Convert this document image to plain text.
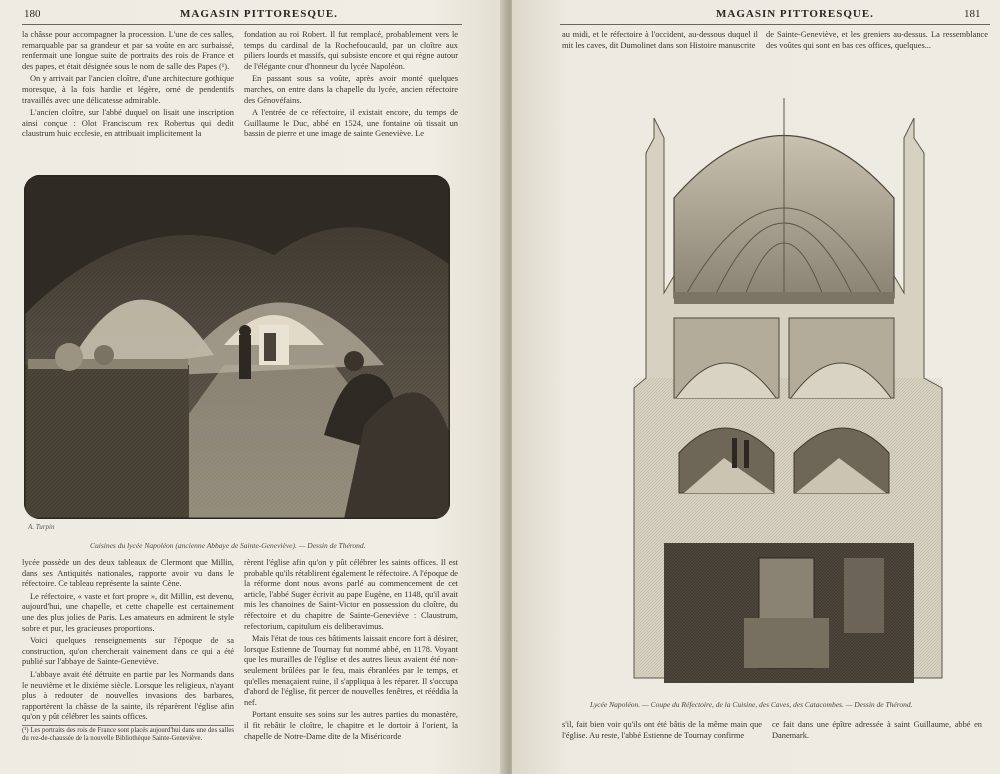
180	MAGASIN PITTORESQUE.

la châsse pour accompagner la procession. L'une de ces salles, remarquable par sa grandeur et par sa voûte en arc surbaissé, renfermait une longue suite de portraits des rois de France et des papes, et était désignée sous le nom de salle des Papes (¹).

On y arrivait par l'ancien cloître, d'une architecture gothique moresque, à la fois hardie et légère, orné de pendentifs travaillés avec une délicatesse admirable.

L'ancien cloître, sur l'abbé duquel on lisait une inscription ainsi conçue : Olot Franciscum rex Robertus qui dedit claustrum huic ecclesie, en attribuait implicitement la

fondation au roi Robert. Il fut remplacé, probablement vers le temps du cardinal de la Rochefoucauld, par un cloître aux piliers lourds et massifs, qui subsiste encore et qui règne autour de l'élégante cour d'honneur du lycée Napoléon.

En passant sous sa voûte, après avoir monté quelques marches, on entre dans la chapelle du lycée, ancien réfectoire des Génovéfains.

A l'entrée de ce réfectoire, il existait encore, du temps de Guillaume le Duc, abbé en 1524, une fontaine où tissait un bassin de pierre et une image de sainte Geneviève. Le

A. Turpin
Cuisines du lycée Napoléon (ancienne Abbaye de Sainte-Geneviève). — Dessin de Thérond.

lycée possède un des deux tableaux de Clermont que Millin, dans ses Antiquités nationales, rapporte avoir vu dans le réfectoire. Ce tableau représente la sainte Cène.

Le réfectoire, « vaste et fort propre », dit Millin, est devenu, aujourd'hui, une chapelle, et cette chapelle est certainement une des plus jolies de Paris. Les amateurs en admirent le style sobre et pur, les gracieuses proportions.

Voici quelques renseignements sur l'époque de sa construction, qu'on chercherait vainement dans ce qui a été publié sur l'abbaye de Sainte-Geneviève.

L'abbaye avait été détruite en partie par les Normands dans le neuvième et le dixième siècle. Lorsque les religieux, n'ayant plus à redouter de nouvelles invasions des barbares, rapportèrent la châsse de la sainte, ils réparèrent l'église afin qu'on y pût célébrer les saints offices.

(¹) Les portraits des rois de France sont placés aujourd'hui dans une des salles du rez-de-chaussée de la nouvelle Bibliothèque Sainte-Geneviève.

rèrent l'église afin qu'on y pût célébrer les saints offices. Il est probable qu'ils rétablirent également le réfectoire. A l'époque de la réforme dont nous avons parlé au commencement de cet article, l'abbé Suger écrivit au pape Eugène, en 1148, qu'il avait mis les chanoines de Saint-Victor en possession du cloître, du réfectoire et du chapitre de Sainte-Geneviève : Claustrum, refectorium, capitulum eis deliberavimus.

Mais l'état de tous ces bâtiments laissait encore fort à désirer, lorsque Estienne de Tournay fut nommé abbé, en 1178. Voyant que les murailles de l'église et des autres lieux avaient été non-seulement brûlées par le feu, mais ébranlées par le temps, et qu'elles menaçaient ruine, il s'appliqua à les réparer. Il s'occupa d'abord de l'église, fit percer de nouvelles fenêtres, et rééddia la nef.

Portant ensuite ses soins sur les autres parties du monastère, il fit rebâtir le cloître, le chapitre et le dortoir à l'orient, la chapelle de Notre-Dame dite de la Miséricorde

MAGASIN PITTORESQUE.	181

au midi, et le réfectoire à l'occident, au-dessous duquel il mit les caves, dit Dumolinet dans son Histoire manuscrite

de Sainte-Geneviève, et les greniers au-dessus. La ressemblance des voûtes qui sont en bas ces offices, quelques...

Lycée Napoléon. — Coupe du Réfectoire, de la Cuisine, des Caves, des Catacombes. — Dessin de Thérond.

s'il, fait bien voir qu'ils ont été bâtis de la même main que l'église. Au reste, l'abbé Estienne de Tournay confirme

ce fait dans une épître adressée à saint Guillaume, abbé en Danemark.
